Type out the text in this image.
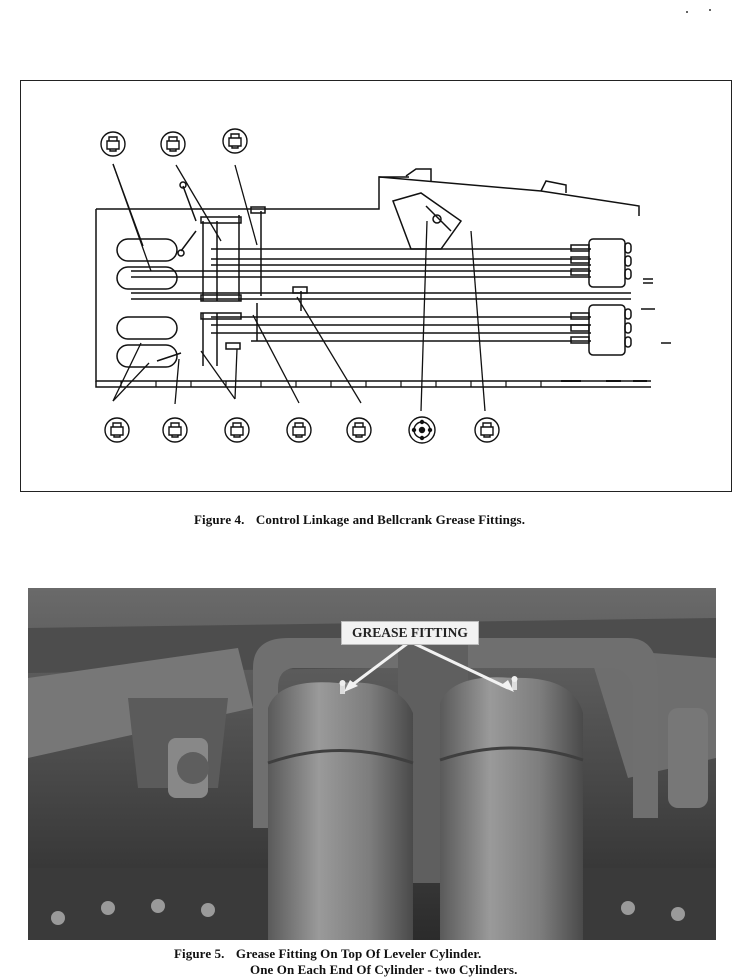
Figure 4. Control Linkage and Bellcrank Grease Fittings.
GREASE FITTING
Figure 5. Grease Fitting On Top Of Leveler Cylinder.
One On Each End Of Cylinder - two Cylinders.
